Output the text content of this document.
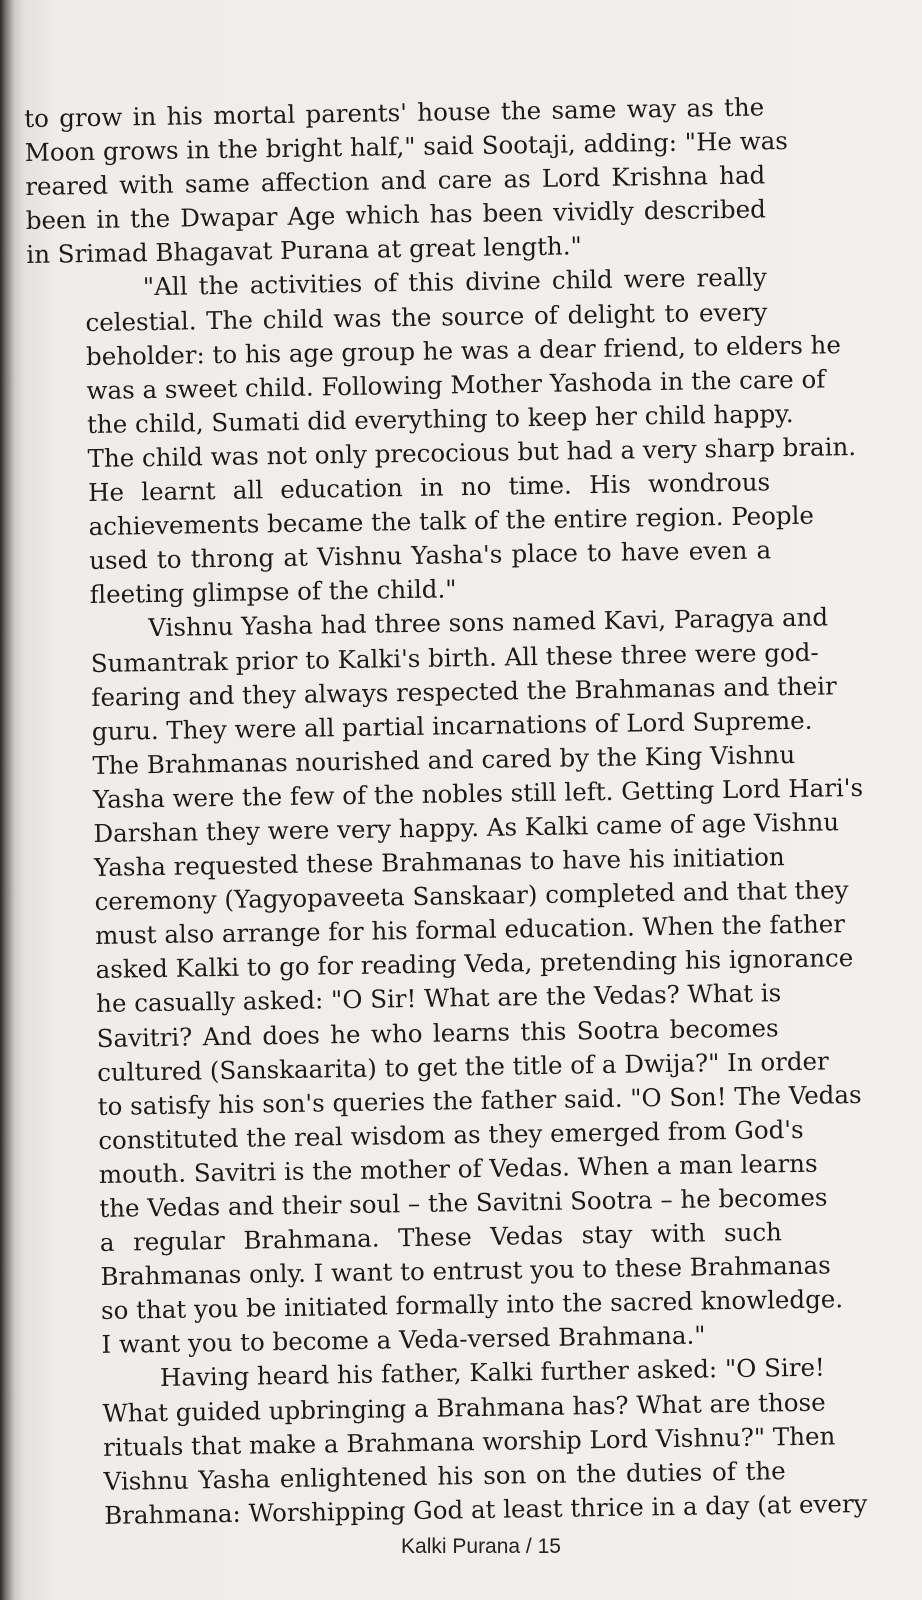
to grow in his mortal parents' house the same way as the
Moon grows in the bright half," said Sootaji, adding: "He was
reared with same affection and care as Lord Krishna had
been in the Dwapar Age which has been vividly described
in Srimad Bhagavat Purana at great length."
"All the activities of this divine child were really
celestial. The child was the source of delight to every
beholder: to his age group he was a dear friend, to elders he
was a sweet child. Following Mother Yashoda in the care of
the child, Sumati did everything to keep her child happy.
The child was not only precocious but had a very sharp brain.
He learnt all education in no time. His wondrous
achievements became the talk of the entire region. People
used to throng at Vishnu Yasha's place to have even a
fleeting glimpse of the child."
Vishnu Yasha had three sons named Kavi, Paragya and
Sumantrak prior to Kalki's birth. All these three were god-
fearing and they always respected the Brahmanas and their
guru. They were all partial incarnations of Lord Supreme.
The Brahmanas nourished and cared by the King Vishnu
Yasha were the few of the nobles still left. Getting Lord Hari's
Darshan they were very happy. As Kalki came of age Vishnu
Yasha requested these Brahmanas to have his initiation
ceremony (Yagyopaveeta Sanskaar) completed and that they
must also arrange for his formal education. When the father
asked Kalki to go for reading Veda, pretending his ignorance
he casually asked: "O Sir! What are the Vedas? What is
Savitri? And does he who learns this Sootra becomes
cultured (Sanskaarita) to get the title of a Dwija?" In order
to satisfy his son's queries the father said. "O Son! The Vedas
constituted the real wisdom as they emerged from God's
mouth. Savitri is the mother of Vedas. When a man learns
the Vedas and their soul – the Savitni Sootra – he becomes
a regular Brahmana. These Vedas stay with such
Brahmanas only. I want to entrust you to these Brahmanas
so that you be initiated formally into the sacred knowledge.
I want you to become a Veda-versed Brahmana."
Having heard his father, Kalki further asked: "O Sire!
What guided upbringing a Brahmana has? What are those
rituals that make a Brahmana worship Lord Vishnu?" Then
Vishnu Yasha enlightened his son on the duties of the
Brahmana: Worshipping God at least thrice in a day (at every
Kalki Purana / 15
